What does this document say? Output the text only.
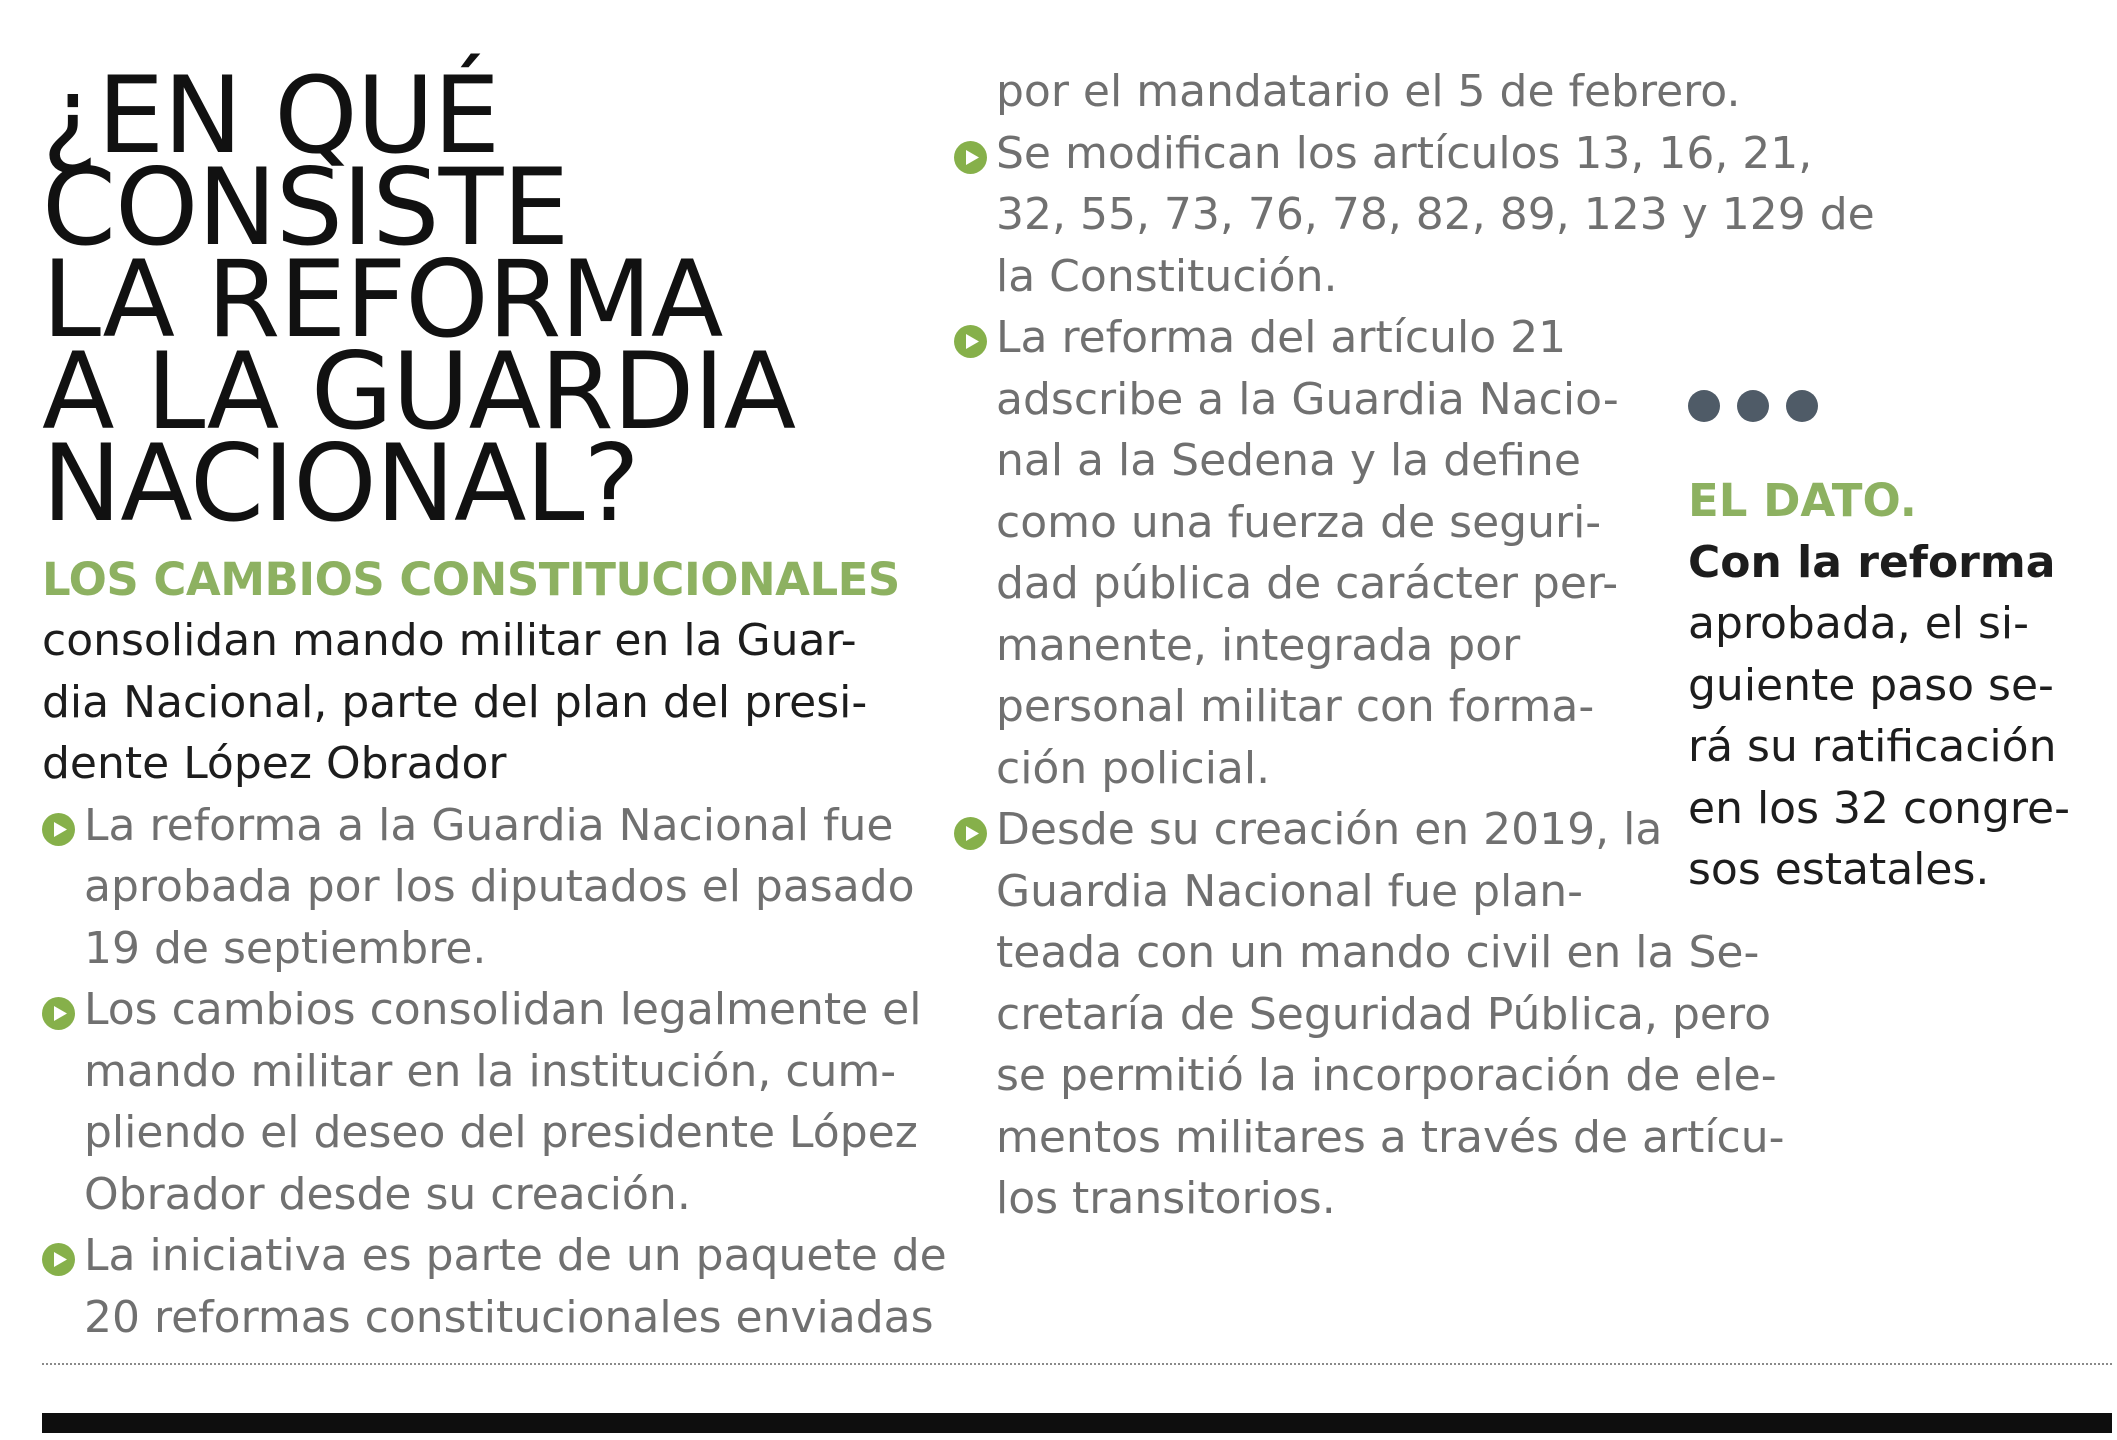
¿EN QUÉ CONSISTE
LA REFORMA
A LA GUARDIA
NACIONAL?

LOS CAMBIOS CONSTITUCIONALES

consolidan mando militar en la Guar-
dia Nacional, parte del plan del presi-
dente López Obrador

La reforma a la Guardia Nacional fue
aprobada por los diputados el pasado
19 de septiembre.
Los cambios consolidan legalmente el
mando militar en la institución, cum-
pliendo el deseo del presidente López
Obrador desde su creación.
La iniciativa es parte de un paquete de
20 reformas constitucionales enviadas
por el mandatario el 5 de febrero.
Se modifican los artículos 13, 16, 21,
32, 55, 73, 76, 78, 82, 89, 123 y 129 de
la Constitución.
La reforma del artículo 21
adscribe a la Guardia Nacio-
nal a la Sedena y la define
como una fuerza de seguri-
dad pública de carácter per-
manente, integrada por
personal militar con forma-
ción policial.
Desde su creación en 2019, la
Guardia Nacional fue plan-
teada con un mando civil en la Se-
cretaría de Seguridad Pública, pero
se permitió la incorporación de ele-
mentos militares a través de artícu-
los transitorios.

EL DATO.

Con la reforma
aprobada, el si-
guiente paso se-
rá su ratificación
en los 32 congre-
sos estatales.
